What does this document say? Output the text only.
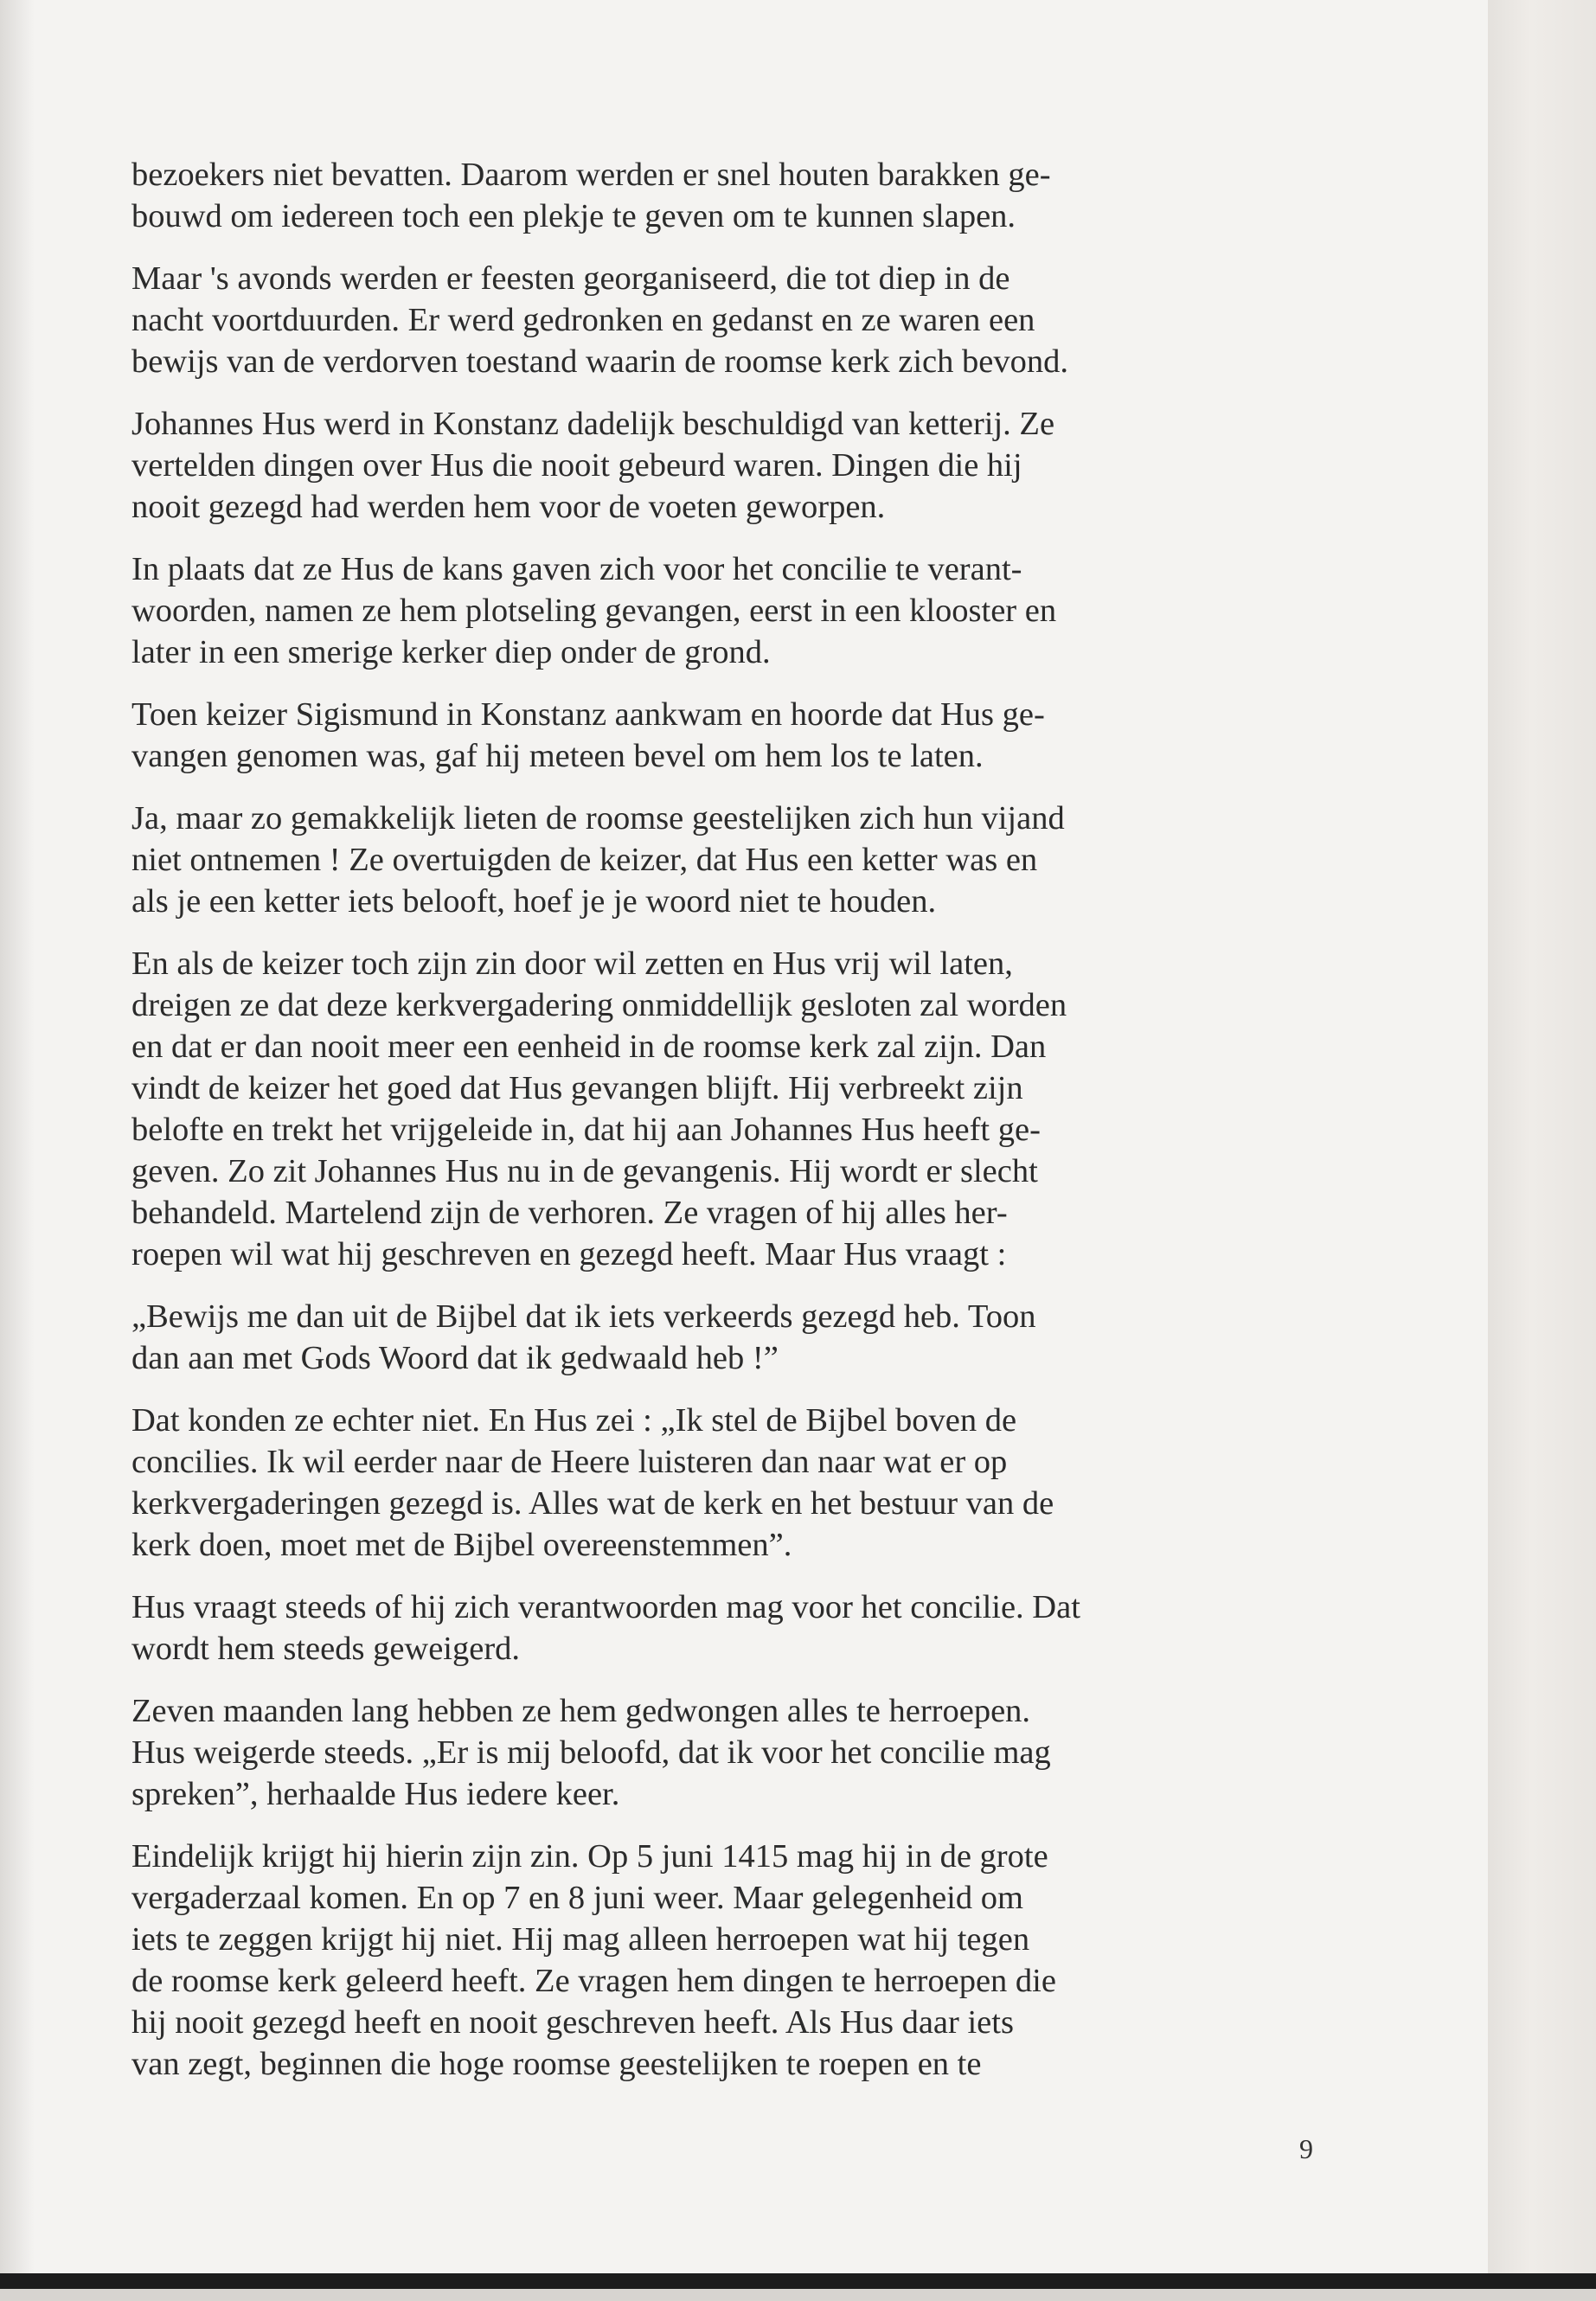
bezoekers niet bevatten. Daarom werden er snel houten barakken ge-
bouwd om iedereen toch een plekje te geven om te kunnen slapen.

Maar 's avonds werden er feesten georganiseerd, die tot diep in de
nacht voortduurden. Er werd gedronken en gedanst en ze waren een
bewijs van de verdorven toestand waarin de roomse kerk zich bevond.

Johannes Hus werd in Konstanz dadelijk beschuldigd van ketterij. Ze
vertelden dingen over Hus die nooit gebeurd waren. Dingen die hij
nooit gezegd had werden hem voor de voeten geworpen.

In plaats dat ze Hus de kans gaven zich voor het concilie te verant-
woorden, namen ze hem plotseling gevangen, eerst in een klooster en
later in een smerige kerker diep onder de grond.

Toen keizer Sigismund in Konstanz aankwam en hoorde dat Hus ge-
vangen genomen was, gaf hij meteen bevel om hem los te laten.

Ja, maar zo gemakkelijk lieten de roomse geestelijken zich hun vijand
niet ontnemen ! Ze overtuigden de keizer, dat Hus een ketter was en
als je een ketter iets belooft, hoef je je woord niet te houden.

En als de keizer toch zijn zin door wil zetten en Hus vrij wil laten,
dreigen ze dat deze kerkvergadering onmiddellijk gesloten zal worden
en dat er dan nooit meer een eenheid in de roomse kerk zal zijn. Dan
vindt de keizer het goed dat Hus gevangen blijft. Hij verbreekt zijn
belofte en trekt het vrijgeleide in, dat hij aan Johannes Hus heeft ge-
geven. Zo zit Johannes Hus nu in de gevangenis. Hij wordt er slecht
behandeld. Martelend zijn de verhoren. Ze vragen of hij alles her-
roepen wil wat hij geschreven en gezegd heeft. Maar Hus vraagt :

„Bewijs me dan uit de Bijbel dat ik iets verkeerds gezegd heb. Toon
dan aan met Gods Woord dat ik gedwaald heb !”

Dat konden ze echter niet. En Hus zei : „Ik stel de Bijbel boven de
concilies. Ik wil eerder naar de Heere luisteren dan naar wat er op
kerkvergaderingen gezegd is. Alles wat de kerk en het bestuur van de
kerk doen, moet met de Bijbel overeenstemmen”.

Hus vraagt steeds of hij zich verantwoorden mag voor het concilie. Dat
wordt hem steeds geweigerd.

Zeven maanden lang hebben ze hem gedwongen alles te herroepen.
Hus weigerde steeds. „Er is mij beloofd, dat ik voor het concilie mag
spreken”, herhaalde Hus iedere keer.

Eindelijk krijgt hij hierin zijn zin. Op 5 juni 1415 mag hij in de grote
vergaderzaal komen. En op 7 en 8 juni weer. Maar gelegenheid om
iets te zeggen krijgt hij niet. Hij mag alleen herroepen wat hij tegen
de roomse kerk geleerd heeft. Ze vragen hem dingen te herroepen die
hij nooit gezegd heeft en nooit geschreven heeft. Als Hus daar iets
van zegt, beginnen die hoge roomse geestelijken te roepen en te

9
